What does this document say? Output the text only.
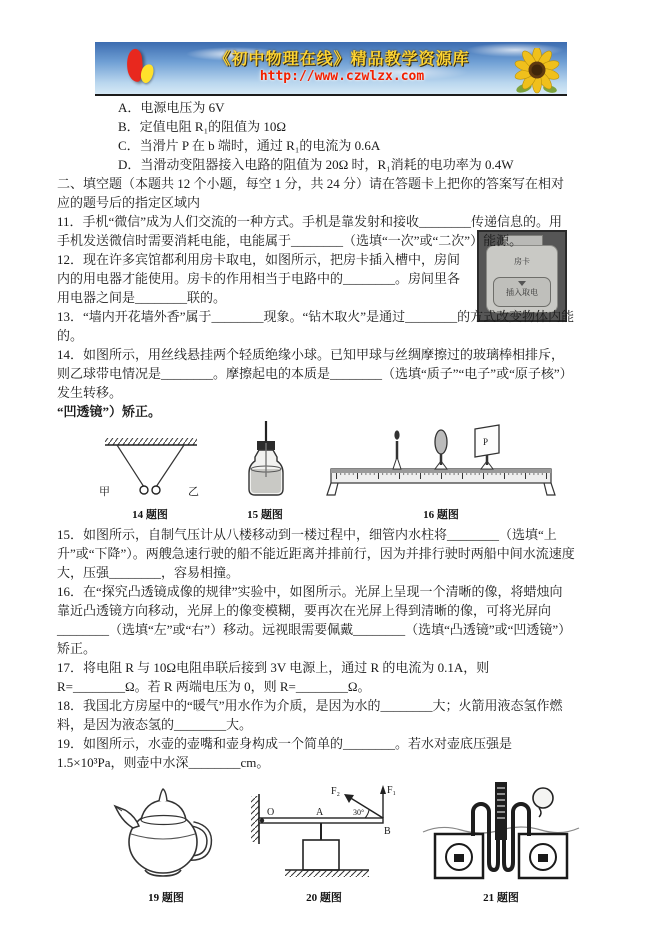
《初中物理在线》精品教学资源库
http://www.czwlzx.com
房卡
插入取电

A．电源电压为 6V

B．定值电阻 R₁的阻值为 10Ω

C．当滑片 P 在 b 端时，通过 R₁的电流为 0.6A

D．当滑动变阻器接入电路的阻值为 20Ω 时，R₁消耗的电功率为 0.4W

二、填空题（本题共 12 个小题，每空 1 分，共 24 分）请在答题卡上把你的答案写在相对应的题号后的指定区域内

11．手机“微信”成为人们交流的一种方式。手机是靠发射和接收________传递信息的。用手机发送微信时需要消耗电能，电能属于________（选填“一次”或“二次”）能源。

12．现在许多宾馆都利用房卡取电，如图所示，把房卡插入槽中，房间内的用电器才能使用。房卡的作用相当于电路中的________。房间里各用电器之间是________联的。

13．“墙内开花墙外香”属于________现象。“钻木取火”是通过________的方式改变物体内能的。

14．如图所示，用丝线悬挂两个轻质绝缘小球。已知甲球与丝绸摩擦过的玻璃棒相排斥，则乙球带电情况是________。摩擦起电的本质是________（选填“质子”“电子”或“原子核”）发生转移。

“凹透镜”）矫正。

甲	乙
14 题图	15 题图
P
16 题图

15．如图所示，自制气压计从八楼移动到一楼过程中，细管内水柱将________（选填“上升”或“下降”）。两艘急速行驶的船不能近距离并排前行，因为并排行驶时两船中间水流速度大，压强________，容易相撞。

16．在“探究凸透镜成像的规律”实验中，如图所示。光屏上呈现一个清晰的像，将蜡烛向靠近凸透镜方向移动，光屏上的像变模糊，要再次在光屏上得到清晰的像，可将光屏向________（选填“左”或“右”）移动。远视眼需要佩戴________（选填“凸透镜”或“凹透镜”）矫正。

17．将电阻 R 与 10Ω电阻串联后接到 3V 电源上，通过 R 的电流为 0.1A，则 R=________Ω。若 R 两端电压为 0，则 R=________Ω。

18．我国北方房屋中的“暖气”用水作为介质，是因为水的________大；火箭用液态氢作燃料，是因为液态氢的________大。

19．如图所示，水壶的壶嘴和壶身构成一个简单的________。若水对壶底压强是 1.5×10³Pa，则壶中水深________cm。

19 题图
O	A
B
F₁
F₂
30°
20 题图	21 题图
